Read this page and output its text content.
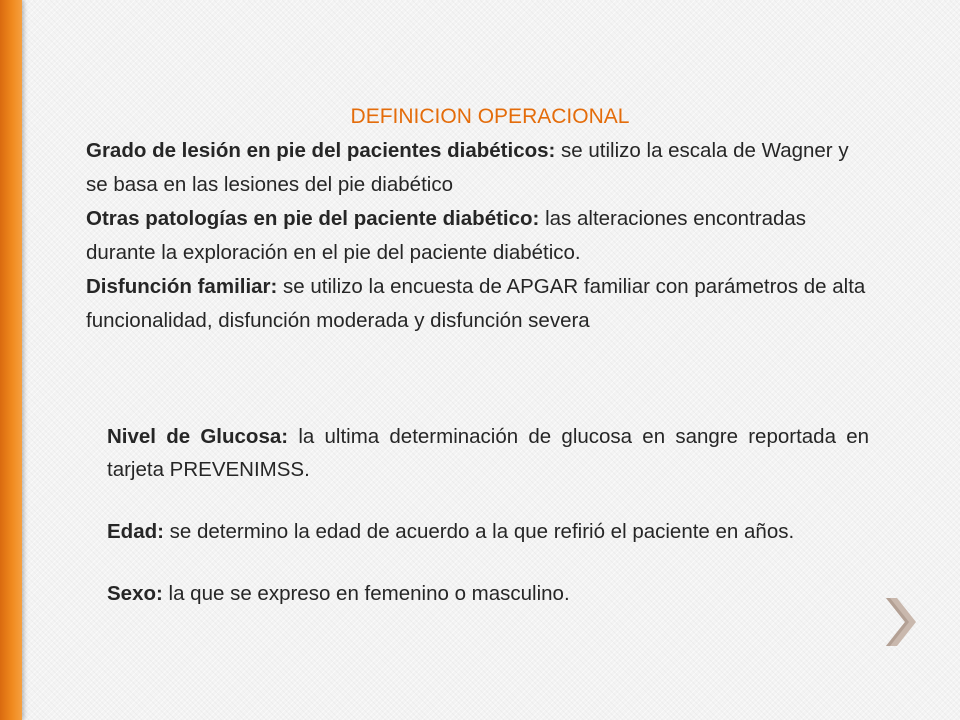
DEFINICION OPERACIONAL

Grado de lesión en pie del pacientes diabéticos: se utilizo la escala de Wagner y se basa en las lesiones del pie diabético

Otras patologías en pie del paciente diabético: las alteraciones encontradas durante la exploración en el pie del paciente diabético.

Disfunción familiar: se utilizo la encuesta de APGAR familiar con parámetros de alta funcionalidad, disfunción moderada y disfunción severa

Nivel de Glucosa: la ultima determinación de glucosa en sangre reportada en tarjeta PREVENIMSS.

Edad: se determino la edad de acuerdo a la que refirió el paciente en años.

Sexo: la que se expreso en femenino o masculino.
